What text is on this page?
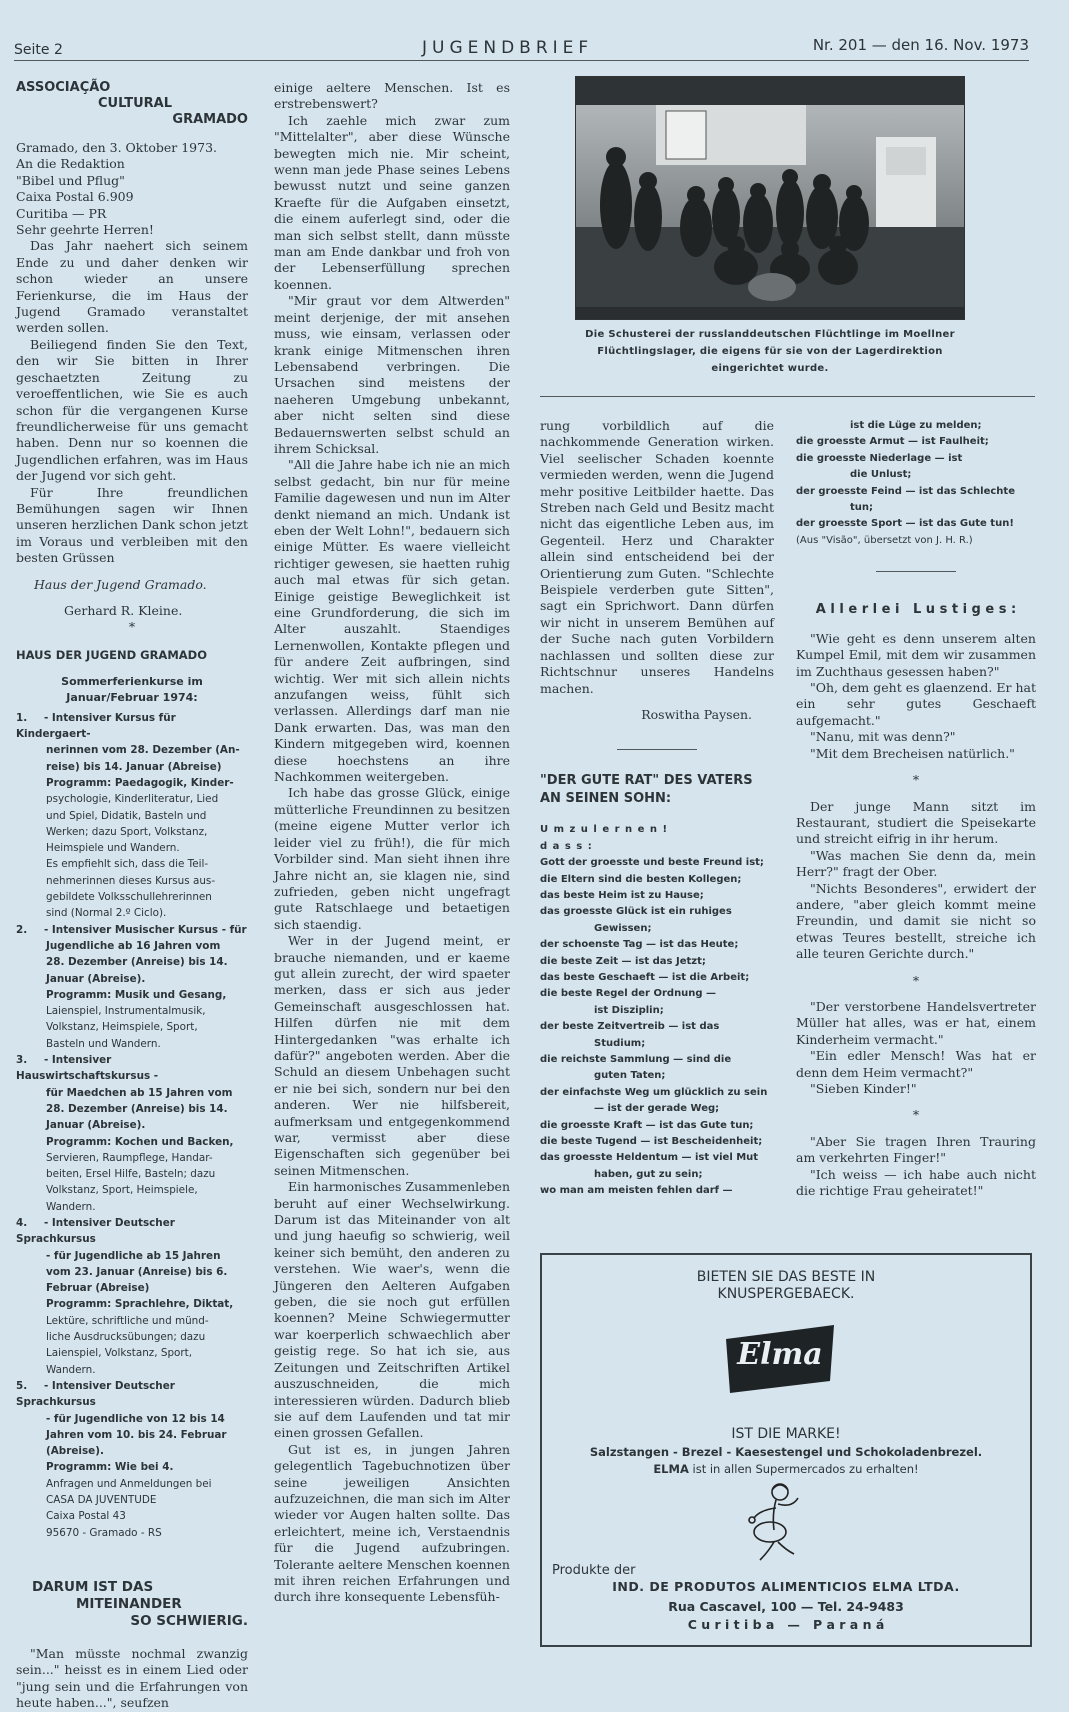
Seite 2	JUGENDBRIEF	Nr. 201 — den 16. Nov. 1973
ASSOCIAÇÃO
CULTURAL
GRAMADO

Gramado, den 3. Oktober 1973.

An die Redaktion

"Bibel und Pflug"

Caixa Postal 6.909

Curitiba — PR

Sehr geehrte Herren!

Das Jahr naehert sich seinem Ende zu und daher denken wir schon wieder an unsere Ferienkurse, die im Haus der Jugend Gramado veranstaltet werden sollen.

Beiliegend finden Sie den Text, den wir Sie bitten in Ihrer geschaetzten Zeitung zu veroeffentlichen, wie Sie es auch schon für die vergangenen Kurse freundlicherweise für uns gemacht haben. Denn nur so koennen die Jugendlichen erfahren, was im Haus der Jugend vor sich geht.

Für Ihre freundlichen Bemühungen sagen wir Ihnen unseren herzlichen Dank schon jetzt im Voraus und verbleiben mit den besten Grüssen

Haus der Jugend Gramado.

Gerhard R. Kleine.

*

HAUS DER JUGEND GRAMADO
Sommerferienkurse im
Januar/Februar 1974:
1. - Intensiver Kursus für Kindergaert-
nerinnen vom 28. Dezember (An-
reise) bis 14. Januar (Abreise)
Programm: Paedagogik, Kinder-
psychologie, Kinderliteratur, Lied
und Spiel, Didatik, Basteln und
Werken; dazu Sport, Volkstanz,
Heimspiele und Wandern.
Es empfiehlt sich, dass die Teil-
nehmerinnen dieses Kursus aus-
gebildete Volksschullehrerinnen
sind (Normal 2.º Ciclo).
2. - Intensiver Musischer Kursus - für
Jugendliche ab 16 Jahren vom
28. Dezember (Anreise) bis 14.
Januar (Abreise).
Programm: Musik und Gesang,
Laienspiel, Instrumentalmusik,
Volkstanz, Heimspiele, Sport,
Basteln und Wandern.
3. - Intensiver Hauswirtschaftskursus -
für Maedchen ab 15 Jahren vom
28. Dezember (Anreise) bis 14.
Januar (Abreise).
Programm: Kochen und Backen,
Servieren, Raumpflege, Handar-
beiten, Ersel Hilfe, Basteln; dazu
Volkstanz, Sport, Heimspiele,
Wandern.
4. - Intensiver Deutscher Sprachkursus
- für Jugendliche ab 15 Jahren
vom 23. Januar (Anreise) bis 6.
Februar (Abreise)
Programm: Sprachlehre, Diktat,
Lektüre, schriftliche und münd-
liche Ausdrucksübungen; dazu
Laienspiel, Volkstanz, Sport,
Wandern.
5. - Intensiver Deutscher Sprachkursus
- für Jugendliche von 12 bis 14
Jahren vom 10. bis 24. Februar
(Abreise).
Programm: Wie bei 4.
Anfragen und Anmeldungen bei
CASA DA JUVENTUDE
Caixa Postal 43
95670 - Gramado - RS
DARUM IST DAS
MITEINANDER
SO SCHWIERIG.

"Man müsste nochmal zwanzig sein..." heisst es in einem Lied oder "jung sein und die Erfahrungen von heute haben...", seufzen

einige aeltere Menschen. Ist es erstrebenswert?

Ich zaehle mich zwar zum "Mittelalter", aber diese Wünsche bewegten mich nie. Mir scheint, wenn man jede Phase seines Lebens bewusst nutzt und seine ganzen Kraefte für die Aufgaben einsetzt, die einem auferlegt sind, oder die man sich selbst stellt, dann müsste man am Ende dankbar und froh von der Lebenserfüllung sprechen koennen.

"Mir graut vor dem Altwerden" meint derjenige, der mit ansehen muss, wie einsam, verlassen oder krank einige Mitmenschen ihren Lebensabend verbringen. Die Ursachen sind meistens der naeheren Umgebung unbekannt, aber nicht selten sind diese Bedauernswerten selbst schuld an ihrem Schicksal.

"All die Jahre habe ich nie an mich selbst gedacht, bin nur für meine Familie dagewesen und nun im Alter denkt niemand an mich. Undank ist eben der Welt Lohn!", bedauern sich einige Mütter. Es waere vielleicht richtiger gewesen, sie haetten ruhig auch mal etwas für sich getan. Einige geistige Beweglichkeit ist eine Grundforderung, die sich im Alter auszahlt. Staendiges Lernenwollen, Kontakte pflegen und für andere Zeit aufbringen, sind wichtig. Wer mit sich allein nichts anzufangen weiss, fühlt sich verlassen. Allerdings darf man nie Dank erwarten. Das, was man den Kindern mitgegeben wird, koennen diese hoechstens an ihre Nachkommen weitergeben.

Ich habe das grosse Glück, einige mütterliche Freundinnen zu besitzen (meine eigene Mutter verlor ich leider viel zu früh!), die für mich Vorbilder sind. Man sieht ihnen ihre Jahre nicht an, sie klagen nie, sind zufrieden, geben nicht ungefragt gute Ratschlaege und betaetigen sich staendig.

Wer in der Jugend meint, er brauche niemanden, und er kaeme gut allein zurecht, der wird spaeter merken, dass er sich aus jeder Gemeinschaft ausgeschlossen hat. Hilfen dürfen nie mit dem Hintergedanken "was erhalte ich dafür?" angeboten werden. Aber die Schuld an diesem Unbehagen sucht er nie bei sich, sondern nur bei den anderen. Wer nie hilfsbereit, aufmerksam und entgegenkommend war, vermisst aber diese Eigenschaften sich gegenüber bei seinen Mitmenschen.

Ein harmonisches Zusammenleben beruht auf einer Wechselwirkung. Darum ist das Miteinander von alt und jung haeufig so schwierig, weil keiner sich bemüht, den anderen zu verstehen. Wie waer's, wenn die Jüngeren den Aelteren Aufgaben geben, die sie noch gut erfüllen koennen? Meine Schwiegermutter war koerperlich schwaechlich aber geistig rege. So hat ich sie, aus Zeitungen und Zeitschriften Artikel auszuschneiden, die mich interessieren würden. Dadurch blieb sie auf dem Laufenden und tat mir einen grossen Gefallen.

Gut ist es, in jungen Jahren gelegentlich Tagebuchnotizen über seine jeweiligen Ansichten aufzuzeichnen, die man sich im Alter wieder vor Augen halten sollte. Das erleichtert, meine ich, Verstaendnis für die Jugend aufzubringen. Tolerante aeltere Menschen koennen mit ihren reichen Erfahrungen und durch ihre konsequente Lebensfüh-

Die Schusterei der russlanddeutschen Flüchtlinge im Moellner
Flüchtlingslager, die eigens für sie von der Lagerdirektion
eingerichtet wurde.

rung vorbildlich auf die nachkommende Generation wirken. Viel seelischer Schaden koennte vermieden werden, wenn die Jugend mehr positive Leitbilder haette. Das Streben nach Geld und Besitz macht nicht das eigentliche Leben aus, im Gegenteil. Herz und Charakter allein sind entscheidend bei der Orientierung zum Guten. "Schlechte Beispiele verderben gute Sitten", sagt ein Sprichwort. Dann dürfen wir nicht in unserem Bemühen auf der Suche nach guten Vorbildern nachlassen und sollten diese zur Richtschnur unseres Handelns machen.

Roswitha Paysen.

"DER GUTE RAT" DES VATERS
AN SEINEN SOHN:
U m z u l e r n e n !
d a s s :
Gott der groesste und beste Freund ist;
die Eltern sind die besten Kollegen;
das beste Heim ist zu Hause;
das groesste Glück ist ein ruhiges
Gewissen;
der schoenste Tag — ist das Heute;
die beste Zeit — ist das Jetzt;
das beste Geschaeft — ist die Arbeit;
die beste Regel der Ordnung —
ist Disziplin;
der beste Zeitvertreib — ist das
Studium;
die reichste Sammlung — sind die
guten Taten;
der einfachste Weg um glücklich zu sein
— ist der gerade Weg;
die groesste Kraft — ist das Gute tun;
die beste Tugend — ist Bescheidenheit;
das groesste Heldentum — ist viel Mut
haben, gut zu sein;
wo man am meisten fehlen darf —
ist die Lüge zu melden;
die groesste Armut — ist Faulheit;
die groesste Niederlage — ist
die Unlust;
der groesste Feind — ist das Schlechte
tun;
der groesste Sport — ist das Gute tun!
(Aus "Visão", übersetzt von J. H. R.)
A l l e r l e i   L u s t i g e s :

"Wie geht es denn unserem alten Kumpel Emil, mit dem wir zusammen im Zuchthaus gesessen haben?"

"Oh, dem geht es glaenzend. Er hat ein sehr gutes Geschaeft aufgemacht."

"Nanu, mit was denn?"

"Mit dem Brecheisen natürlich."

*

Der junge Mann sitzt im Restaurant, studiert die Speisekarte und streicht eifrig in ihr herum.

"Was machen Sie denn da, mein Herr?" fragt der Ober.

"Nichts Besonderes", erwidert der andere, "aber gleich kommt meine Freundin, und damit sie nicht so etwas Teures bestellt, streiche ich alle teuren Gerichte durch."

*

"Der verstorbene Handelsvertreter Müller hat alles, was er hat, einem Kinderheim vermacht."

"Ein edler Mensch! Was hat er denn dem Heim vermacht?"

"Sieben Kinder!"

*

"Aber Sie tragen Ihren Trauring am verkehrten Finger!"

"Ich weiss — ich habe auch nicht die richtige Frau geheiratet!"

BIETEN SIE DAS BESTE IN
KNUSPERGEBAECK.
Elma
IST DIE MARKE!
Salzstangen - Brezel - Kaesestengel und Schokoladenbrezel.
ELMA ist in allen Supermercados zu erhalten!
Produkte der
IND. DE PRODUTOS ALIMENTICIOS ELMA LTDA.
Rua Cascavel, 100 — Tel. 24-9483
C u r i t i b a   —   P a r a n á
